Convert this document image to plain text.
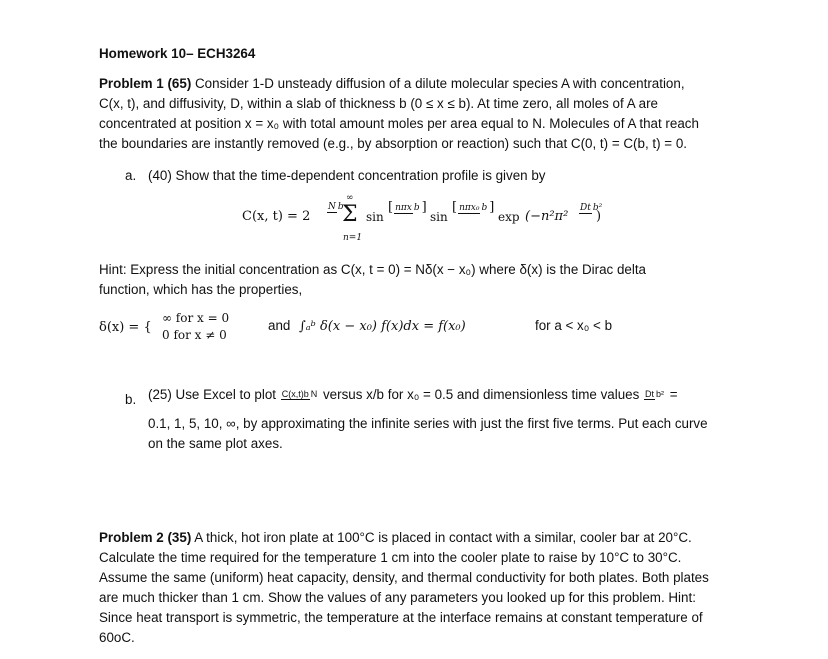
Homework 10– ECH3264
Problem 1 (65) Consider 1-D unsteady diffusion of a dilute molecular species A with concentration,
C(x, t), and diffusivity, D, within a slab of thickness b (0 ≤ x ≤ b). At time zero, all moles of A are
concentrated at position x = x₀ with total amount moles per area equal to N. Molecules of A that reach
the boundaries are instantly removed (e.g., by absorption or reaction) such that C(0, t) = C(b, t) = 0.
a. (40) Show that the time-dependent concentration profile is given by
C(x, t) = 2
N b
∞
Σ
n=1
sin
[ nπx b ]
sin
[ nπx₀ b ]
exp (−n²π²
Dt b²
)
Hint: Express the initial concentration as C(x, t = 0) = Nδ(x − x₀) where δ(x) is the Dirac delta
function, which has the properties,
δ(x) = {
∞ for x = 0
0 for x ≠ 0
and ∫ₐᵇ δ(x − x₀) f(x)dx = f(x₀)	for a < x₀ < b
b. (25) Use Excel to plot C(x,t)b N versus x/b for x₀ = 0.5 and dimensionless time values Dt b² =
0.1, 1, 5, 10, ∞, by approximating the infinite series with just the first five terms. Put each curve
on the same plot axes.
Problem 2 (35) A thick, hot iron plate at 100°C is placed in contact with a similar, cooler bar at 20°C.
Calculate the time required for the temperature 1 cm into the cooler plate to raise by 10°C to 30°C.
Assume the same (uniform) heat capacity, density, and thermal conductivity for both plates. Both plates
are much thicker than 1 cm. Show the values of any parameters you looked up for this problem. Hint:
Since heat transport is symmetric, the temperature at the interface remains at constant temperature of
60oC.
